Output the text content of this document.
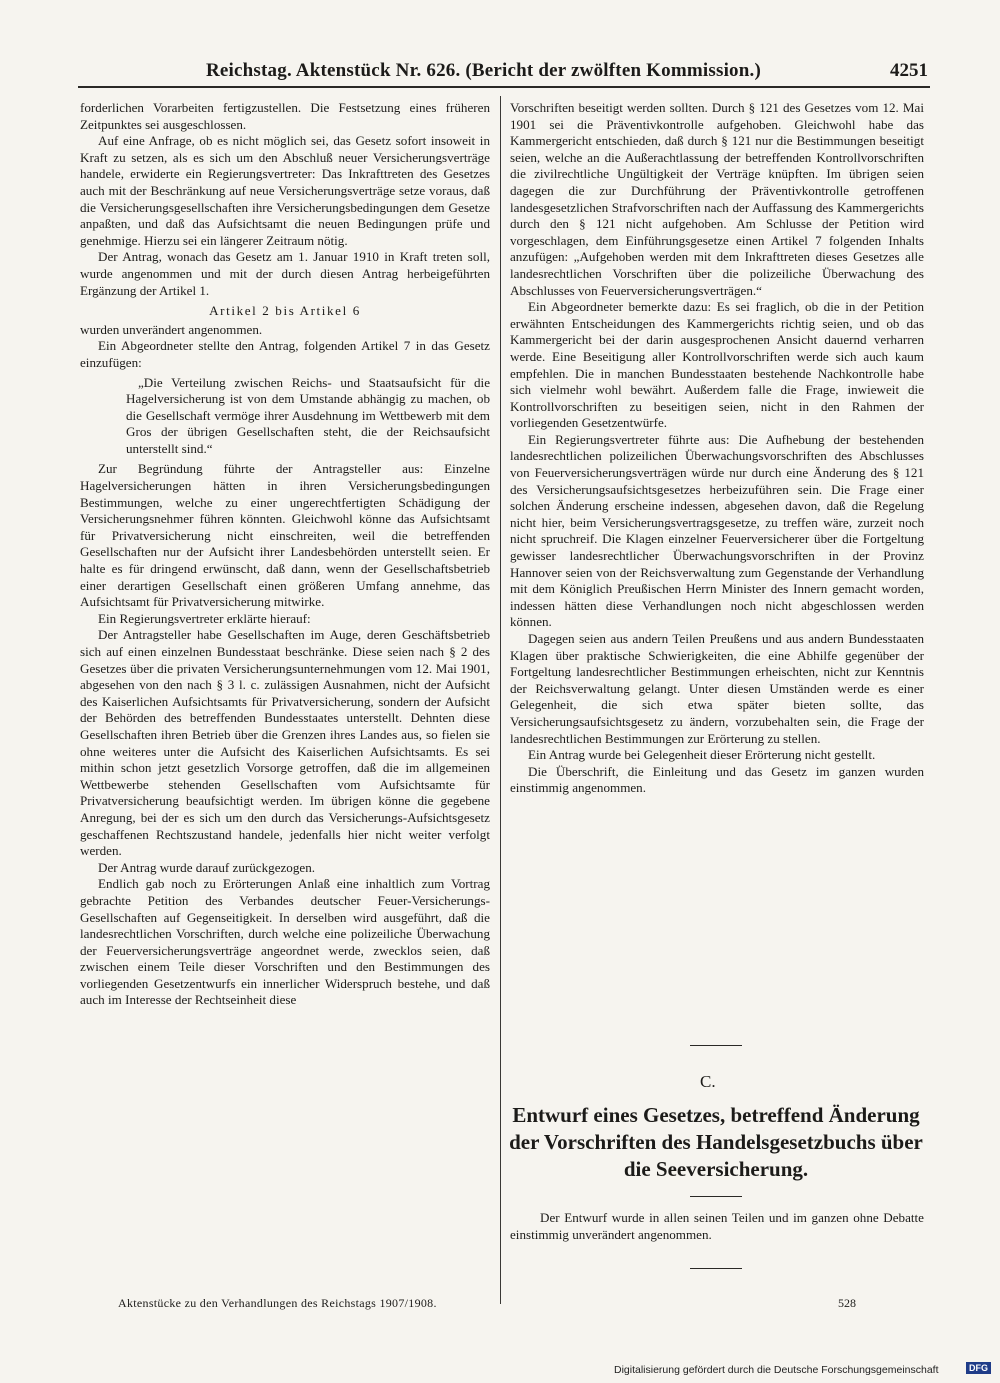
Reichstag. Aktenstück Nr. 626. (Bericht der zwölften Kommission.)	4251

forderlichen Vorarbeiten fertigzustellen. Die Festsetzung eines früheren Zeitpunktes sei ausgeschlossen.

Auf eine Anfrage, ob es nicht möglich sei, das Gesetz sofort insoweit in Kraft zu setzen, als es sich um den Abschluß neuer Versicherungsverträge handele, erwiderte ein Regierungsvertreter: Das Inkrafttreten des Gesetzes auch mit der Beschränkung auf neue Versicherungsverträge setze voraus, daß die Versicherungsgesellschaften ihre Versicherungsbedingungen dem Gesetze anpaßten, und daß das Aufsichtsamt die neuen Bedingungen prüfe und genehmige. Hierzu sei ein längerer Zeitraum nötig.

Der Antrag, wonach das Gesetz am 1. Januar 1910 in Kraft treten soll, wurde angenommen und mit der durch diesen Antrag herbeigeführten Ergänzung der Artikel 1.

Artikel 2 bis Artikel 6

wurden unverändert angenommen.

Ein Abgeordneter stellte den Antrag, folgenden Artikel 7 in das Gesetz einzufügen:

„Die Verteilung zwischen Reichs- und Staatsaufsicht für die Hagelversicherung ist von dem Umstande abhängig zu machen, ob die Gesellschaft vermöge ihrer Ausdehnung im Wettbewerb mit dem Gros der übrigen Gesellschaften steht, die der Reichsaufsicht unterstellt sind.“

Zur Begründung führte der Antragsteller aus: Einzelne Hagelversicherungen hätten in ihren Versicherungsbedingungen Bestimmungen, welche zu einer ungerechtfertigten Schädigung der Versicherungsnehmer führen könnten. Gleichwohl könne das Aufsichtsamt für Privatversicherung nicht einschreiten, weil die betreffenden Gesellschaften nur der Aufsicht ihrer Landesbehörden unterstellt seien. Er halte es für dringend erwünscht, daß dann, wenn der Gesellschaftsbetrieb einer derartigen Gesellschaft einen größeren Umfang annehme, das Aufsichtsamt für Privatversicherung mitwirke.

Ein Regierungsvertreter erklärte hierauf:

Der Antragsteller habe Gesellschaften im Auge, deren Geschäftsbetrieb sich auf einen einzelnen Bundesstaat beschränke. Diese seien nach § 2 des Gesetzes über die privaten Versicherungsunternehmungen vom 12. Mai 1901, abgesehen von den nach § 3 l. c. zulässigen Ausnahmen, nicht der Aufsicht des Kaiserlichen Aufsichtsamts für Privatversicherung, sondern der Aufsicht der Behörden des betreffenden Bundesstaates unterstellt. Dehnten diese Gesellschaften ihren Betrieb über die Grenzen ihres Landes aus, so fielen sie ohne weiteres unter die Aufsicht des Kaiserlichen Aufsichtsamts. Es sei mithin schon jetzt gesetzlich Vorsorge getroffen, daß die im allgemeinen Wettbewerbe stehenden Gesellschaften vom Aufsichtsamte für Privatversicherung beaufsichtigt werden. Im übrigen könne die gegebene Anregung, bei der es sich um den durch das Versicherungs-Aufsichtsgesetz geschaffenen Rechtszustand handele, jedenfalls hier nicht weiter verfolgt werden.

Der Antrag wurde darauf zurückgezogen.

Endlich gab noch zu Erörterungen Anlaß eine inhaltlich zum Vortrag gebrachte Petition des Verbandes deutscher Feuer-Versicherungs-Gesellschaften auf Gegenseitigkeit. In derselben wird ausgeführt, daß die landesrechtlichen Vorschriften, durch welche eine polizeiliche Überwachung der Feuerversicherungsverträge angeordnet werde, zwecklos seien, daß zwischen einem Teile dieser Vorschriften und den Bestimmungen des vorliegenden Gesetzentwurfs ein innerlicher Widerspruch bestehe, und daß auch im Interesse der Rechtseinheit diese

Vorschriften beseitigt werden sollten. Durch § 121 des Gesetzes vom 12. Mai 1901 sei die Präventivkontrolle aufgehoben. Gleichwohl habe das Kammergericht entschieden, daß durch § 121 nur die Bestimmungen beseitigt seien, welche an die Außerachtlassung der betreffenden Kontrollvorschriften die zivilrechtliche Ungültigkeit der Verträge knüpften. Im übrigen seien dagegen die zur Durchführung der Präventivkontrolle getroffenen landesgesetzlichen Strafvorschriften nach der Auffassung des Kammergerichts durch den § 121 nicht aufgehoben. Am Schlusse der Petition wird vorgeschlagen, dem Einführungsgesetze einen Artikel 7 folgenden Inhalts anzufügen: „Aufgehoben werden mit dem Inkrafttreten dieses Gesetzes alle landesrechtlichen Vorschriften über die polizeiliche Überwachung des Abschlusses von Feuerversicherungsverträgen.“

Ein Abgeordneter bemerkte dazu: Es sei fraglich, ob die in der Petition erwähnten Entscheidungen des Kammergerichts richtig seien, und ob das Kammergericht bei der darin ausgesprochenen Ansicht dauernd verharren werde. Eine Beseitigung aller Kontrollvorschriften werde sich auch kaum empfehlen. Die in manchen Bundesstaaten bestehende Nachkontrolle habe sich vielmehr wohl bewährt. Außerdem falle die Frage, inwieweit die Kontrollvorschriften zu beseitigen seien, nicht in den Rahmen der vorliegenden Gesetzentwürfe.

Ein Regierungsvertreter führte aus: Die Aufhebung der bestehenden landesrechtlichen polizeilichen Überwachungsvorschriften des Abschlusses von Feuerversicherungsverträgen würde nur durch eine Änderung des § 121 des Versicherungsaufsichtsgesetzes herbeizuführen sein. Die Frage einer solchen Änderung erscheine indessen, abgesehen davon, daß die Regelung nicht hier, beim Versicherungsvertragsgesetze, zu treffen wäre, zurzeit noch nicht spruchreif. Die Klagen einzelner Feuerversicherer über die Fortgeltung gewisser landesrechtlicher Überwachungsvorschriften in der Provinz Hannover seien von der Reichsverwaltung zum Gegenstande der Verhandlung mit dem Königlich Preußischen Herrn Minister des Innern gemacht worden, indessen hätten diese Verhandlungen noch nicht abgeschlossen werden können.

Dagegen seien aus andern Teilen Preußens und aus andern Bundesstaaten Klagen über praktische Schwierigkeiten, die eine Abhilfe gegenüber der Fortgeltung landesrechtlicher Bestimmungen erheischten, nicht zur Kenntnis der Reichsverwaltung gelangt. Unter diesen Umständen werde es einer Gelegenheit, die sich etwa später bieten sollte, das Versicherungsaufsichtsgesetz zu ändern, vorzubehalten sein, die Frage der landesrechtlichen Bestimmungen zur Erörterung zu stellen.

Ein Antrag wurde bei Gelegenheit dieser Erörterung nicht gestellt.

Die Überschrift, die Einleitung und das Gesetz im ganzen wurden einstimmig angenommen.

C.
Entwurf eines Gesetzes, betreffend Änderung der Vorschriften des Handelsgesetzbuchs über die Seeversicherung.

Der Entwurf wurde in allen seinen Teilen und im ganzen ohne Debatte einstimmig unverändert angenommen.

Aktenstücke zu den Verhandlungen des Reichstags 1907/1908.	528
Digitalisierung gefördert durch die Deutsche Forschungsgemeinschaft	DFG
